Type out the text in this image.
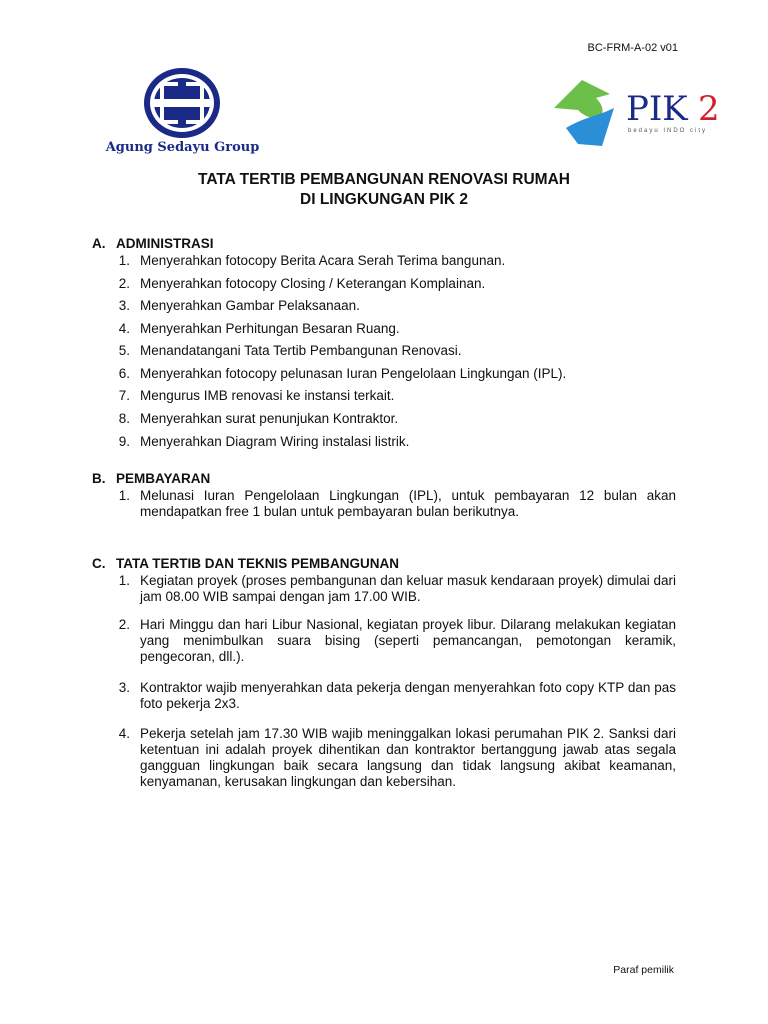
BC-FRM-A-02 v01
Agung Sedayu Group
PIK 2
bedayu INDO city
TATA TERTIB PEMBANGUNAN RENOVASI RUMAH
DI LINGKUNGAN PIK 2
A. ADMINISTRASI
1. Menyerahkan fotocopy Berita Acara Serah Terima bangunan.
2. Menyerahkan fotocopy Closing / Keterangan Komplainan.
3. Menyerahkan Gambar Pelaksanaan.
4. Menyerahkan Perhitungan Besaran Ruang.
5. Menandatangani Tata Tertib Pembangunan Renovasi.
6. Menyerahkan fotocopy pelunasan Iuran Pengelolaan Lingkungan (IPL).
7. Mengurus IMB renovasi ke instansi terkait.
8. Menyerahkan surat penunjukan Kontraktor.
9. Menyerahkan Diagram Wiring instalasi listrik.
B. PEMBAYARAN
1. Melunasi Iuran Pengelolaan Lingkungan (IPL), untuk pembayaran 12 bulan akan mendapatkan free 1 bulan untuk pembayaran bulan berikutnya.
C. TATA TERTIB DAN TEKNIS PEMBANGUNAN
1. Kegiatan proyek (proses pembangunan dan keluar masuk kendaraan proyek) dimulai dari jam 08.00 WIB sampai dengan jam 17.00 WIB.
2. Hari Minggu dan hari Libur Nasional, kegiatan proyek libur. Dilarang melakukan kegiatan yang menimbulkan suara bising (seperti pemancangan, pemotongan keramik, pengecoran, dll.).
3. Kontraktor wajib menyerahkan data pekerja dengan menyerahkan foto copy KTP dan pas foto pekerja 2x3.
4. Pekerja setelah jam 17.30 WIB wajib meninggalkan lokasi perumahan PIK 2. Sanksi dari ketentuan ini adalah proyek dihentikan dan kontraktor bertanggung jawab atas segala gangguan lingkungan baik secara langsung dan tidak langsung akibat keamanan, kenyamanan, kerusakan lingkungan dan kebersihan.
Paraf pemilik
